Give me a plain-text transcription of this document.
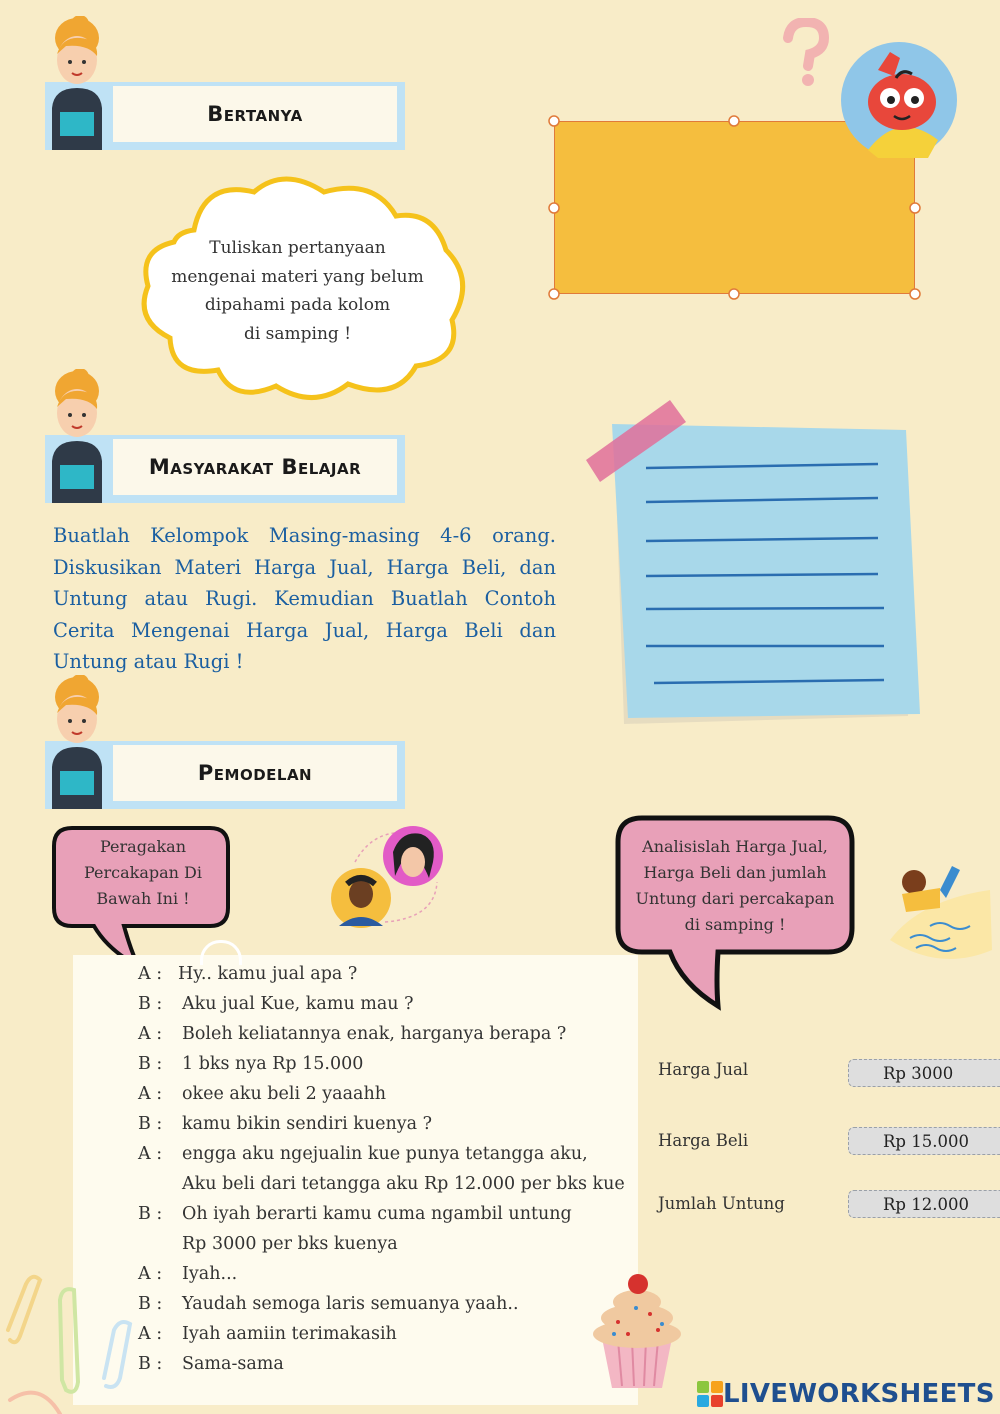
Bertanya
Tuliskan pertanyaan
mengenai materi yang belum
dipahami pada kolom
di samping !
Masyarakat Belajar
Buatlah Kelompok Masing-masing 4-6 orang. Diskusikan Materi Harga Jual, Harga Beli, dan Untung atau Rugi. Kemudian Buatlah Contoh Cerita Mengenai Harga Jual, Harga Beli dan Untung atau Rugi !
Pemodelan
Peragakan
Percakapan Di
Bawah Ini !
Analisislah Harga Jual,
Harga Beli dan jumlah
Untung dari percakapan
di samping !
A : Hy.. kamu jual apa ?
B : Aku jual Kue, kamu mau ?
A : Boleh keliatannya enak, harganya berapa ?
B : 1 bks nya Rp 15.000
A : okee aku beli 2 yaaahh
B : kamu bikin sendiri kuenya ?
A : engga aku ngejualin kue punya tetangga aku,
Aku beli dari tetangga aku Rp 12.000 per bks kue
B : Oh iyah berarti kamu cuma ngambil untung
Rp 3000 per bks kuenya
A : Iyah...
B : Yaudah semoga laris semuanya yaah..
A : Iyah aamiin terimakasih
B : Sama-sama
Harga Jual	Rp 3000
Harga Beli	Rp 15.000
Jumlah Untung	Rp 12.000
LIVEWORKSHEETS
